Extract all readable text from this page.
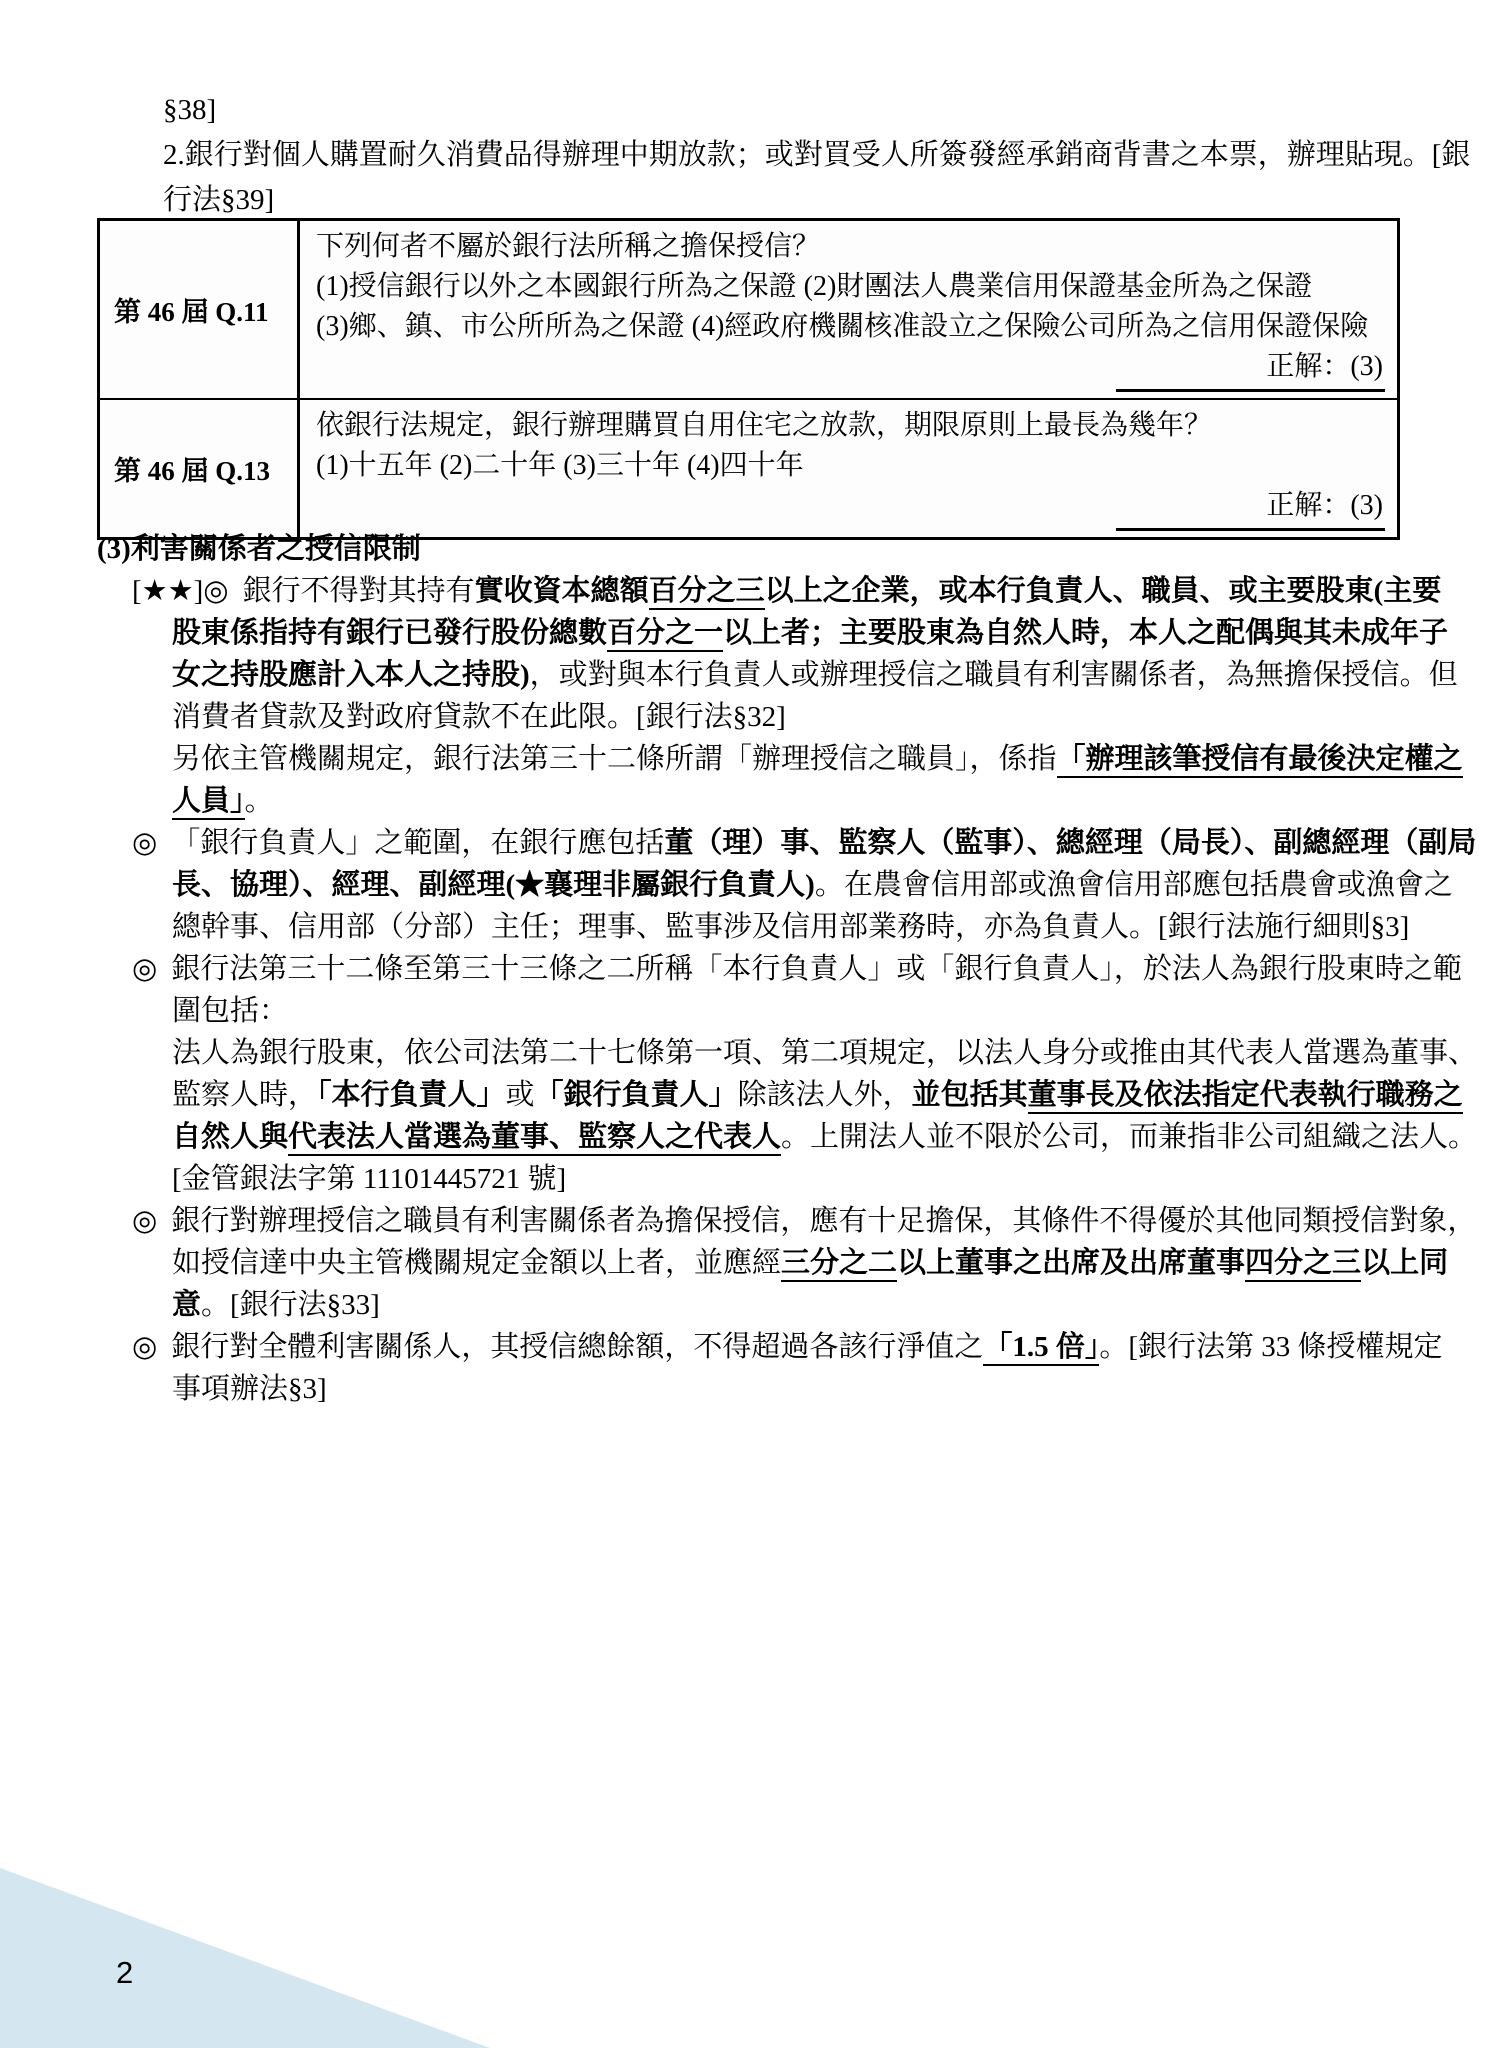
§38]
2.銀行對個人購置耐久消費品得辦理中期放款；或對買受人所簽發經承銷商背書之本票，辦理貼現。[銀
行法§39]
第 46 屆 Q.11
下列何者不屬於銀行法所稱之擔保授信？
(1)授信銀行以外之本國銀行所為之保證 (2)財團法人農業信用保證基金所為之保證
(3)鄉、鎮、市公所所為之保證 (4)經政府機關核准設立之保險公司所為之信用保證保險
正解：(3)
第 46 屆 Q.13
依銀行法規定，銀行辦理購買自用住宅之放款，期限原則上最長為幾年？
(1)十五年 (2)二十年 (3)三十年 (4)四十年
正解：(3)
(3)利害關係者之授信限制
[★★]◎ 銀行不得對其持有實收資本總額百分之三以上之企業，或本行負責人、職員、或主要股東(主要
股東係指持有銀行已發行股份總數百分之一以上者；主要股東為自然人時，本人之配偶與其未成年子
女之持股應計入本人之持股)，或對與本行負責人或辦理授信之職員有利害關係者，為無擔保授信。但
消費者貸款及對政府貸款不在此限。[銀行法§32]
另依主管機關規定，銀行法第三十二條所謂「辦理授信之職員」，係指「辦理該筆授信有最後決定權之
人員」。
◎ 「銀行負責人」之範圍，在銀行應包括董（理）事、監察人（監事）、總經理（局長）、副總經理（副局
長、協理）、經理、副經理(★襄理非屬銀行負責人)。在農會信用部或漁會信用部應包括農會或漁會之
總幹事、信用部（分部）主任；理事、監事涉及信用部業務時，亦為負責人。[銀行法施行細則§3]
◎ 銀行法第三十二條至第三十三條之二所稱「本行負責人」或「銀行負責人」，於法人為銀行股東時之範
圍包括：
法人為銀行股東，依公司法第二十七條第一項、第二項規定，以法人身分或推由其代表人當選為董事、
監察人時，「本行負責人」或「銀行負責人」除該法人外，並包括其董事長及依法指定代表執行職務之
自然人與代表法人當選為董事、監察人之代表人。上開法人並不限於公司，而兼指非公司組織之法人。
[金管銀法字第 11101445721 號]
◎ 銀行對辦理授信之職員有利害關係者為擔保授信，應有十足擔保，其條件不得優於其他同類授信對象，
如授信達中央主管機關規定金額以上者，並應經三分之二以上董事之出席及出席董事四分之三以上同
意。[銀行法§33]
◎ 銀行對全體利害關係人，其授信總餘額，不得超過各該行淨值之「1.5 倍」。[銀行法第 33 條授權規定
事項辦法§3]
2
